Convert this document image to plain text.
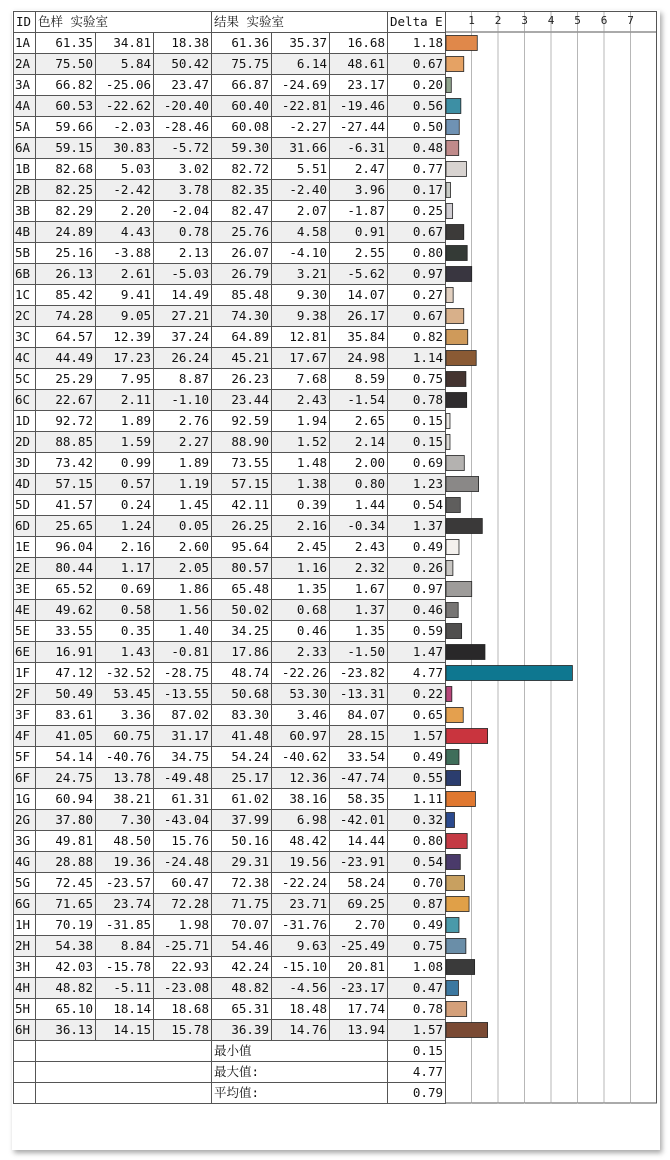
ID	色样 实验室			结果 实验室			Delta E
1A	61.35	34.81	18.38	61.36	35.37	16.68	1.18
2A	75.50	5.84	50.42	75.75	6.14	48.61	0.67
3A	66.82	-25.06	23.47	66.87	-24.69	23.17	0.20
4A	60.53	-22.62	-20.40	60.40	-22.81	-19.46	0.56
5A	59.66	-2.03	-28.46	60.08	-2.27	-27.44	0.50
6A	59.15	30.83	-5.72	59.30	31.66	-6.31	0.48
1B	82.68	5.03	3.02	82.72	5.51	2.47	0.77
2B	82.25	-2.42	3.78	82.35	-2.40	3.96	0.17
3B	82.29	2.20	-2.04	82.47	2.07	-1.87	0.25
4B	24.89	4.43	0.78	25.76	4.58	0.91	0.67
5B	25.16	-3.88	2.13	26.07	-4.10	2.55	0.80
6B	26.13	2.61	-5.03	26.79	3.21	-5.62	0.97
1C	85.42	9.41	14.49	85.48	9.30	14.07	0.27
2C	74.28	9.05	27.21	74.30	9.38	26.17	0.67
3C	64.57	12.39	37.24	64.89	12.81	35.84	0.82
4C	44.49	17.23	26.24	45.21	17.67	24.98	1.14
5C	25.29	7.95	8.87	26.23	7.68	8.59	0.75
6C	22.67	2.11	-1.10	23.44	2.43	-1.54	0.78
1D	92.72	1.89	2.76	92.59	1.94	2.65	0.15
2D	88.85	1.59	2.27	88.90	1.52	2.14	0.15
3D	73.42	0.99	1.89	73.55	1.48	2.00	0.69
4D	57.15	0.57	1.19	57.15	1.38	0.80	1.23
5D	41.57	0.24	1.45	42.11	0.39	1.44	0.54
6D	25.65	1.24	0.05	26.25	2.16	-0.34	1.37
1E	96.04	2.16	2.60	95.64	2.45	2.43	0.49
2E	80.44	1.17	2.05	80.57	1.16	2.32	0.26
3E	65.52	0.69	1.86	65.48	1.35	1.67	0.97
4E	49.62	0.58	1.56	50.02	0.68	1.37	0.46
5E	33.55	0.35	1.40	34.25	0.46	1.35	0.59
6E	16.91	1.43	-0.81	17.86	2.33	-1.50	1.47
1F	47.12	-32.52	-28.75	48.74	-22.26	-23.82	4.77
2F	50.49	53.45	-13.55	50.68	53.30	-13.31	0.22
3F	83.61	3.36	87.02	83.30	3.46	84.07	0.65
4F	41.05	60.75	31.17	41.48	60.97	28.15	1.57
5F	54.14	-40.76	34.75	54.24	-40.62	33.54	0.49
6F	24.75	13.78	-49.48	25.17	12.36	-47.74	0.55
1G	60.94	38.21	61.31	61.02	38.16	58.35	1.11
2G	37.80	7.30	-43.04	37.99	6.98	-42.01	0.32
3G	49.81	48.50	15.76	50.16	48.42	14.44	0.80
4G	28.88	19.36	-24.48	29.31	19.56	-23.91	0.54
5G	72.45	-23.57	60.47	72.38	-22.24	58.24	0.70
6G	71.65	23.74	72.28	71.75	23.71	69.25	0.87
1H	70.19	-31.85	1.98	70.07	-31.76	2.70	0.49
2H	54.38	8.84	-25.71	54.46	9.63	-25.49	0.75
3H	42.03	-15.78	22.93	42.24	-15.10	20.81	1.08
4H	48.82	-5.11	-23.08	48.82	-4.56	-23.17	0.47
5H	65.10	18.14	18.68	65.31	18.48	17.74	0.78
6H	36.13	14.15	15.78	36.39	14.76	13.94	1.57
				最小值			0.15
				最大值:			4.77
				平均值:			0.79
1 2 3 4 5 6 7
